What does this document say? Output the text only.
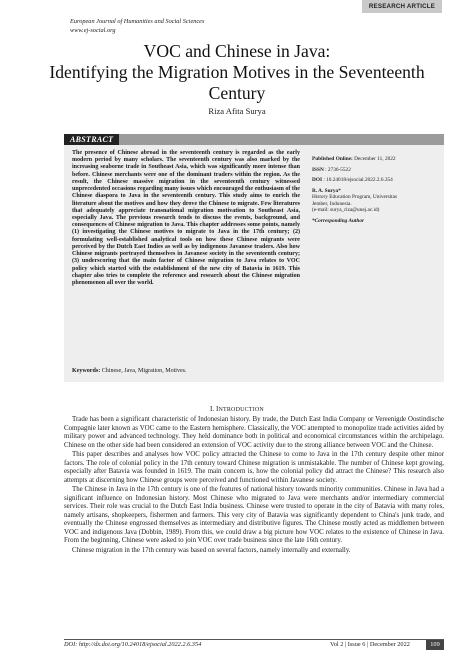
RESEARCH ARTICLE
European Journal of Humanities and Social Sciences
www.ej-social.org
VOC and Chinese in Java:
Identifying the Migration Motives in the Seventeenth
Century
Riza Afita Surya
ABSTRACT
The presence of Chinese abroad in the seventeenth century is regarded as the early modern period by many scholars. The seventeenth century was also marked by the increasing seaborne trade in Southeast Asia, which was significantly more intense than before. Chinese merchants were one of the dominant traders within the region. As the result, the Chinese massive migration in the seventeenth century witnessed unprecedented occasions regarding many issues which encouraged the enthusiasm of the Chinese diaspora to Java in the seventeenth century. This study aims to enrich the literature about the motives and how they drove the Chinese to migrate. Few literatures that adequately appreciate transnational migration motivation to Southeast Asia, especially Java. The previous research tends to discuss the events, background, and consequences of Chinese migration to Java. This chapter addresses some points, namely (1) investigating the Chinese motives to migrate to Java in the 17th century; (2) formulating well-established analytical tools on how these Chinese migrants were perceived by the Dutch East Indies as well as by indigenous Javanese traders. Also how Chinese migrants portrayed themselves in Javanese society in the seventeenth century; (3) underscoring that the main factor of Chinese migration to Java relates to VOC policy which started with the establishment of the new city of Batavia in 1619. This chapter also tries to complete the reference and research about the Chinese migration phenomenon all over the world.
Keywords: Chinese, Java, Migration, Motives.
Published Online: December 11, 2022
ISSN : 2736-5522
DOI : 10.24018/ejsocial.2022.2.6.354
R. A. Surya*
History Education Program, Universitas
Jember, Indonesia.
(e-mail: surya_riza@unej.ac.id)
*Corresponding Author
I. INTRODUCTION

Trade has been a significant characteristic of Indonesian history. By trade, the Dutch East India Company or Vereenigde Oostindische Compagnie later known as VOC came to the Eastern hemisphere. Classically, the VOC attempted to monopolize trade activities aided by military power and advanced technology. They held dominance both in political and economical circumstances within the archipelago. Chinese on the other side had been considered an extension of VOC activity due to the strong alliance between VOC and the Chinese.

This paper describes and analyses how VOC policy attracted the Chinese to come to Java in the 17th century despite other minor factors. The role of colonial policy in the 17th century toward Chinese migration is unmistakable. The number of Chinese kept growing, especially after Batavia was founded in 1619. The main concern is, how the colonial policy did attract the Chinese? This research also attempts at discerning how Chinese groups were perceived and functioned within Javanese society.

The Chinese in Java in the 17th century is one of the features of national history towards minority communities. Chinese in Java had a significant influence on Indonesian history. Most Chinese who migrated to Java were merchants and/or intermediary commercial services. Their role was crucial to the Dutch East India business. Chinese were trusted to operate in the city of Batavia with many roles, namely artisans, shopkeepers, fishermen and farmers. This very city of Batavia was significantly dependent to China's junk trade, and eventually the Chinese engrossed themselves as intermediary and distributive figures. The Chinese mostly acted as middlemen between VOC and indigenous Java (Dobbin, 1989). From this, we could draw a big picture how VOC relates to the existence of Chinese in Java. From the beginning, Chinese were asked to join VOC over trade business since the late 16th century.

Chinese migration in the 17th century was based on several factors, namely internally and externally.

DOI: http://dx.doi.org/10.24018/ejsocial.2022.2.6.354	Vol 2 | Issue 6 | December 2022	109
